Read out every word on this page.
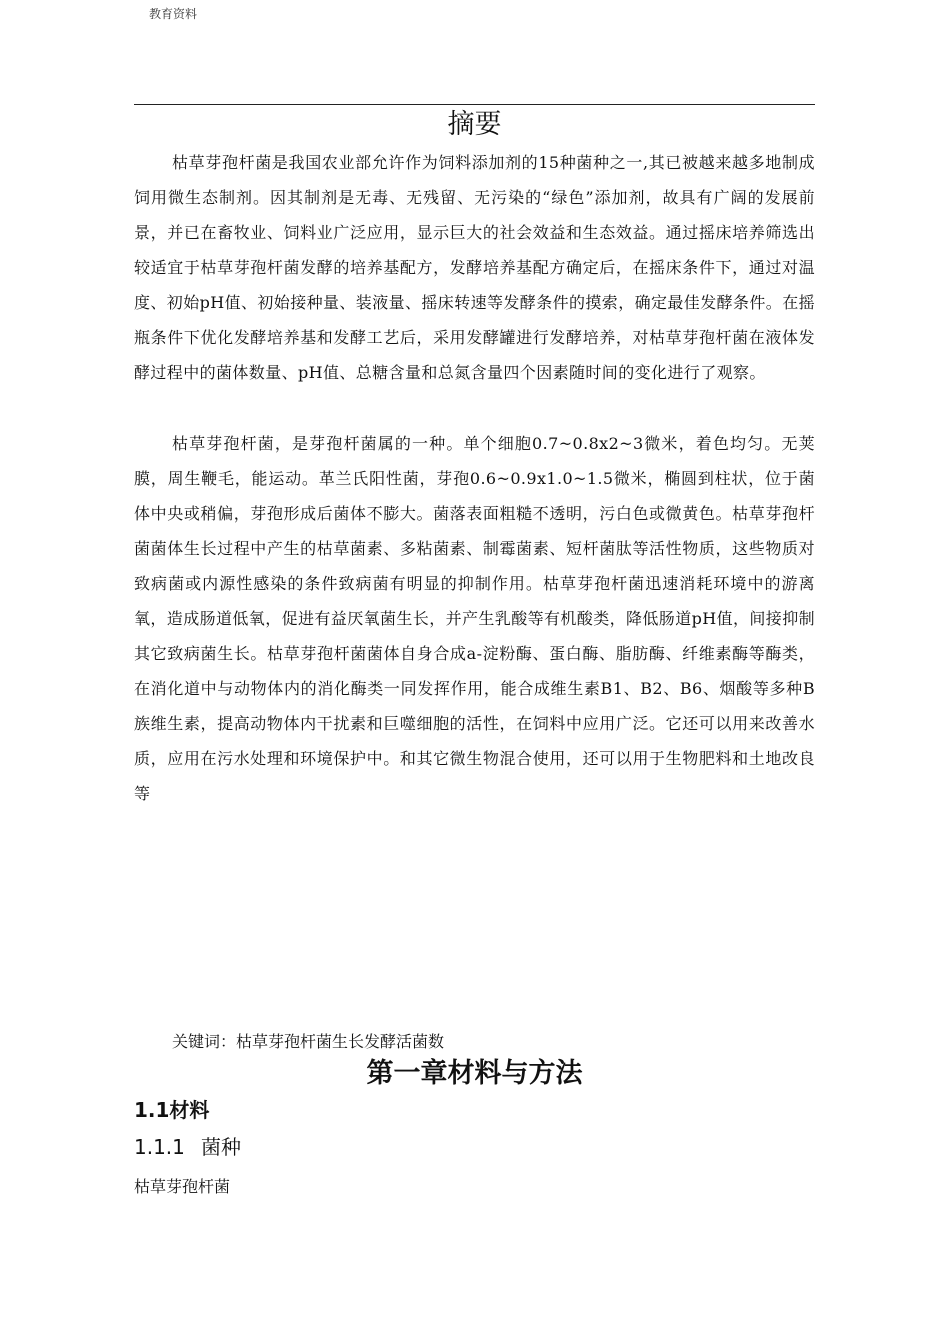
教育资料
摘要

枯草芽孢杆菌是我国农业部允许作为饲料添加剂的15种菌种之一,其已被越来越多地制成饲用微生态制剂。因其制剂是无毒、无残留、无污染的“绿色”添加剂，故具有广阔的发展前景，并已在畜牧业、饲料业广泛应用，显示巨大的社会效益和生态效益。通过摇床培养筛选出较适宜于枯草芽孢杆菌发酵的培养基配方，发酵培养基配方确定后，在摇床条件下，通过对温度、初始pH值、初始接种量、装液量、摇床转速等发酵条件的摸索，确定最佳发酵条件。在摇瓶条件下优化发酵培养基和发酵工艺后，采用发酵罐进行发酵培养，对枯草芽孢杆菌在液体发酵过程中的菌体数量、pH值、总糖含量和总氮含量四个因素随时间的变化进行了观察。

枯草芽孢杆菌，是芽孢杆菌属的一种。单个细胞0.7~0.8x2~3微米，着色均匀。无荚膜，周生鞭毛，能运动。革兰氏阳性菌，芽孢0.6~0.9x1.0~1.5微米，椭圆到柱状，位于菌体中央或稍偏，芽孢形成后菌体不膨大。菌落表面粗糙不透明，污白色或微黄色。枯草芽孢杆菌菌体生长过程中产生的枯草菌素、多粘菌素、制霉菌素、短杆菌肽等活性物质，这些物质对致病菌或内源性感染的条件致病菌有明显的抑制作用。枯草芽孢杆菌迅速消耗环境中的游离氧，造成肠道低氧，促进有益厌氧菌生长，并产生乳酸等有机酸类，降低肠道pH值，间接抑制其它致病菌生长。枯草芽孢杆菌菌体自身合成a-淀粉酶、蛋白酶、脂肪酶、纤维素酶等酶类，在消化道中与动物体内的消化酶类一同发挥作用，能合成维生素B1、B2、B6、烟酸等多种B族维生素，提高动物体内干扰素和巨噬细胞的活性，在饲料中应用广泛。它还可以用来改善水质，应用在污水处理和环境保护中。和其它微生物混合使用，还可以用于生物肥料和土地改良等

关键词：枯草芽孢杆菌生长发酵活菌数

第一章材料与方法
1.1材料
1.1.1 菌种

枯草芽孢杆菌
